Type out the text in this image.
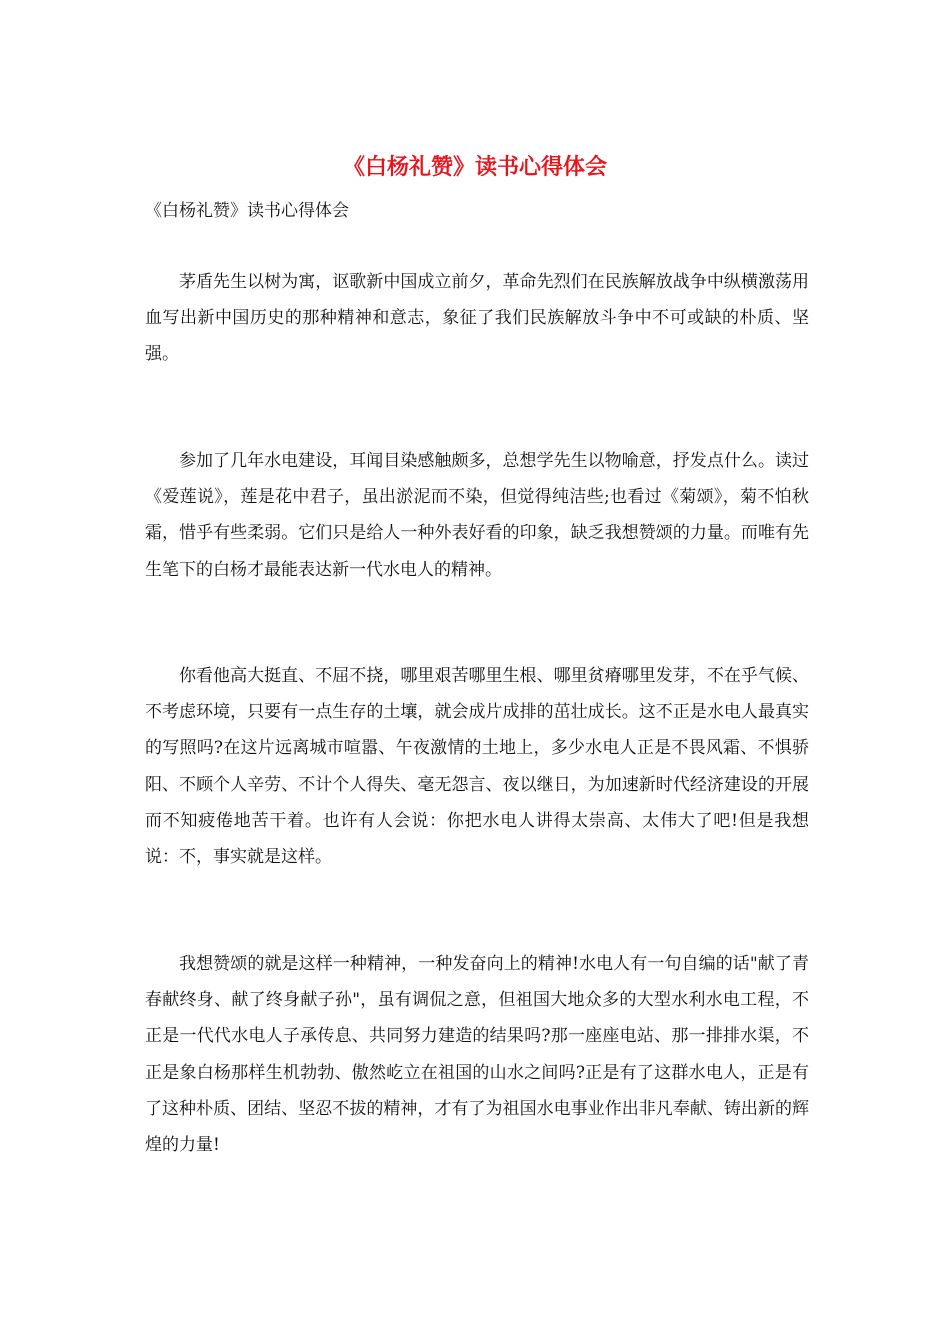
《白杨礼赞》读书心得体会

《白杨礼赞》读书心得体会

茅盾先生以树为寓，讴歌新中国成立前夕，革命先烈们在民族解放战争中纵横激荡用血写出新中国历史的那种精神和意志，象征了我们民族解放斗争中不可或缺的朴质、坚强。

参加了几年水电建设，耳闻目染感触颇多，总想学先生以物喻意，抒发点什么。读过《爱莲说》，莲是花中君子，虽出淤泥而不染，但觉得纯洁些;也看过《菊颂》，菊不怕秋霜，惜乎有些柔弱。它们只是给人一种外表好看的印象，缺乏我想赞颂的力量。而唯有先生笔下的白杨才最能表达新一代水电人的精神。

你看他高大挺直、不屈不挠，哪里艰苦哪里生根、哪里贫瘠哪里发芽，不在乎气候、不考虑环境，只要有一点生存的土壤，就会成片成排的茁壮成长。这不正是水电人最真实的写照吗?在这片远离城市喧嚣、午夜激情的土地上，多少水电人正是不畏风霜、不惧骄阳、不顾个人辛劳、不计个人得失、毫无怨言、夜以继日，为加速新时代经济建设的开展而不知疲倦地苦干着。也许有人会说：你把水电人讲得太崇高、太伟大了吧!但是我想说：不，事实就是这样。

我想赞颂的就是这样一种精神，一种发奋向上的精神!水电人有一句自编的话"献了青春献终身、献了终身献子孙"，虽有调侃之意，但祖国大地众多的大型水利水电工程，不正是一代代水电人子承传息、共同努力建造的结果吗?那一座座电站、那一排排水渠，不正是象白杨那样生机勃勃、傲然屹立在祖国的山水之间吗?正是有了这群水电人，正是有了这种朴质、团结、坚忍不拔的精神，才有了为祖国水电事业作出非凡奉献、铸出新的辉煌的力量!
